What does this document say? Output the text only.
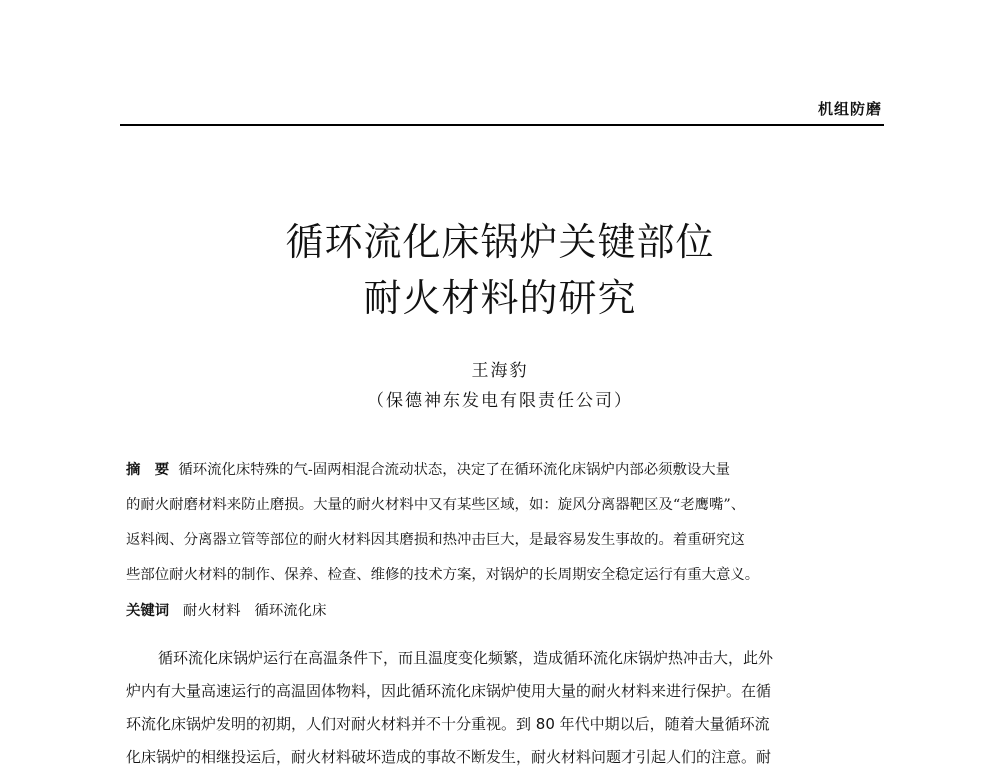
机组防磨
循环流化床锅炉关键部位
耐火材料的研究
王海豹
（保德神东发电有限责任公司）
摘　要 循环流化床特殊的气-固两相混合流动状态，决定了在循环流化床锅炉内部必须敷设大量
的耐火耐磨材料来防止磨损。大量的耐火材料中又有某些区域，如：旋风分离器靶区及“老鹰嘴”、
返料阀、分离器立管等部位的耐火材料因其磨损和热冲击巨大，是最容易发生事故的。着重研究这
些部位耐火材料的制作、保养、检查、维修的技术方案，对锅炉的长周期安全稳定运行有重大意义。
关键词 耐火材料 循环流化床
循环流化床锅炉运行在高温条件下，而且温度变化频繁，造成循环流化床锅炉热冲击大，此外
炉内有大量高速运行的高温固体物料，因此循环流化床锅炉使用大量的耐火材料来进行保护。在循
环流化床锅炉发明的初期，人们对耐火材料并不十分重视。到 80 年代中期以后，随着大量循环流
化床锅炉的相继投运后，耐火材料破坏造成的事故不断发生，耐火材料问题才引起人们的注意。耐
